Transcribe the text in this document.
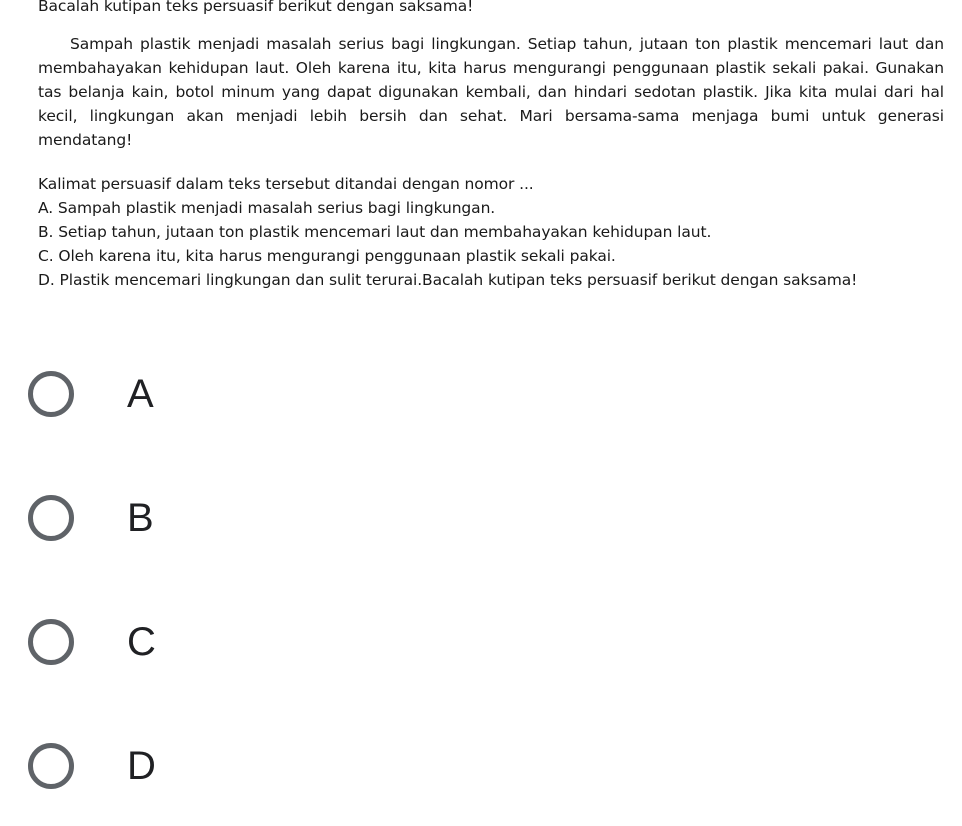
Bacalah kutipan teks persuasif berikut dengan saksama!

Sampah plastik menjadi masalah serius bagi lingkungan. Setiap tahun, jutaan ton plastik mencemari laut dan membahayakan kehidupan laut. Oleh karena itu, kita harus mengurangi penggunaan plastik sekali pakai. Gunakan tas belanja kain, botol minum yang dapat digunakan kembali, dan hindari sedotan plastik. Jika kita mulai dari hal kecil, lingkungan akan menjadi lebih bersih dan sehat. Mari bersama-sama menjaga bumi untuk generasi mendatang!

Kalimat persuasif dalam teks tersebut ditandai dengan nomor ...

A. Sampah plastik menjadi masalah serius bagi lingkungan.

B. Setiap tahun, jutaan ton plastik mencemari laut dan membahayakan kehidupan laut.

C. Oleh karena itu, kita harus mengurangi penggunaan plastik sekali pakai.

D. Plastik mencemari lingkungan dan sulit terurai.Bacalah kutipan teks persuasif berikut dengan saksama!

A
B
C
D
